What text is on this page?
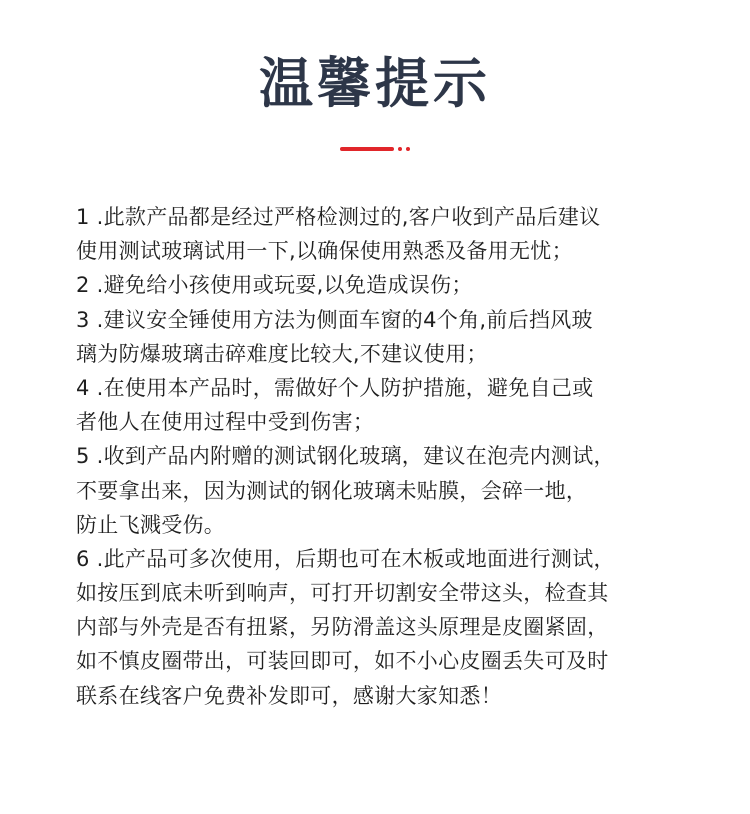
温馨提示
1 .此款产品都是经过严格检测过的,客户收到产品后建议
使用测试玻璃试用一下,以确保使用熟悉及备用无忧；
2 .避免给小孩使用或玩耍,以免造成误伤；
3 .建议安全锤使用方法为侧面车窗的4个角,前后挡风玻
璃为防爆玻璃击碎难度比较大,不建议使用；
4 .在使用本产品时，需做好个人防护措施，避免自己或
者他人在使用过程中受到伤害；
5 .收到产品内附赠的测试钢化玻璃，建议在泡壳内测试，
不要拿出来，因为测试的钢化玻璃未贴膜，会碎一地，
防止飞溅受伤。
6 .此产品可多次使用，后期也可在木板或地面进行测试，
如按压到底未听到响声，可打开切割安全带这头，检查其
内部与外壳是否有扭紧，另防滑盖这头原理是皮圈紧固，
如不慎皮圈带出，可装回即可，如不小心皮圈丢失可及时
联系在线客户免费补发即可，感谢大家知悉！
